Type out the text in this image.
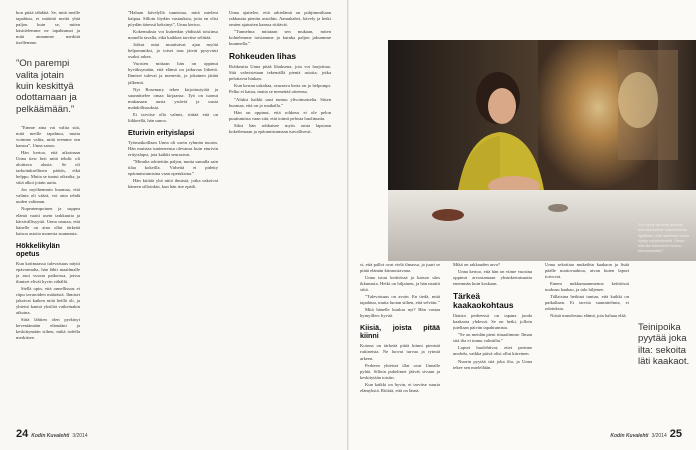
hon pitää tähdätä. Se, mitä meille tapahtuu, ei määritä meitä yhtä paljon kuin se, miten käsittelemme ne tapahtumat ja mitä annamme merkitä itsellemme.

”On parempi valita jotain kuin keskittyä odottamaan ja pelkäämään.”

”Emme aina voi valita sitä, mitä meille tapahtuu, mutta voimme valita, mitä teemme sen kanssa”, Unna sanoo.

Hän kertoo, että aikoinaan Unna tiesi heti mitä tehdä: oli aloittava alusta. Se oli tarkoituksellinen päätös, eikä helppo. Mutta se tuntui oikealta, ja siitä alkoi jotain uutta.

Jos myöhemmin huomaa, että valinta oli väärä, voi aina tehdä uuden valinnan.

Nopeatempoinen ja suppea elämä vaatii usein tarkkuutta ja kärsivällisyyttä. Unna nauraa, että hänelle on aina ollut tärkeää katsoa asioita monesta suunnasta.

Hökkelikylän opetus

Kun kotimaassa tulevaisuus näytti epävarmalta, hän lähti maailmalle ja asui vuosia paikoissa, joissa ihmiset elivät hyvin vähällä.

Siellä opin, että onnellisuus ei riipu tavaroiden määrästä. Ihmiset jakoivat kaiken mitä heillä oli, ja yhteisö kantoi yksilöä vaikeinakin aikoina.

Siitä lähtien olen pyrkinyt keventämään elämääni ja keskittymään siihen, mikä todella merkitsee.

”Haluan kävelyllä tunnistaa, mitä mieleni kaipaa. Silloin löydän vastauksia, joita en olisi pöydän ääressä keksinyt”, Unna kertoo.

Kokemuksia voi kuitenkin yhdistää toisiinsa monella tavalla, eikä kaikkea tarvitse selittää.

Jotkut asiat muuttuivat ajan myötä helpommiksi, ja toiset taas jäivät pysyvästi osaksi arkea.

Vuosien mittaan hän on oppinut hyväksymään, että elämä on jatkuvaa liikettä. Ihmiset tulevat ja menevät, ja jokainen jättää jälkensä.

Nyt Rosemary tekee kirjoitustyötä ja suunnittelee omaa kirjaansa. Työ on tuonut mukanaan uusia ystäviä ja uusia mahdollisuuksia.

Ei tarvitse olla valmis, riittää että on liikkeellä, hän sanoo.

Eturivin erityislapsi

Työmatkoillaan Unna oli usein ryhmän nuorin. Hän muistaa tunteneensa olevansa kuin eturivin erityislapsi, jota kaikki seurasivat.

”Minulta odotettiin paljon, mutta samalla sain tilaa kokeilla. Virheitä ei pidetty epäonnistumisina vaan opetuksina.”

Hän kiittää yhä niitä ihmisiä, jotka uskoivat häneen silloinkin, kun hän itse epäili.

Unna ajattelee, että arkielämä on pohjimmiltaan rakkautta pieniin asioihin. Aamukahvi, kävely ja hetki omien ajatusten kanssa riittävät.

”Tunnelma mitataan sen mukaan, miten kohtelemme toisiamme ja kuinka paljon jaksamme kuunnella.”

Rohkeuden lihas

Rohkeutta Unna pitää lihaksena, jota voi harjoittaa. Sitä vahvistetaan tekemällä pieniä asioita, jotka pelottavat hiukan.

Kun kerran uskaltaa, seuraava kerta on jo helpompi. Pelko ei katoa, mutta se menettää otteensa.

”Aluksi kaikki uusi tuntuu ylivoimaiselta. Sitten huomaa, että on jo matkalla.”

Hän on oppinut, että rohkeus ei ole pelon puuttumista vaan sitä, että toimii pelosta huolimatta.

Siksi hän rohkaisee myös omia lapsiaan kokeilemaan ja epäonnistumaan turvallisesti.

”En tunne tarvetta asettaa tulevaisuudelle suunnitelmia. Ajattelen, että hallinnan tunne löytyy nykyhetkestä. Oman elämän tekeminen tuntuu kiinnostavalta.”

si, että pallot ovat vielä ilmassa, ja juuri se pitää elämän kiinnostavana.

Unna istuu keittiössä ja katsoo ulos ikkunasta. Hetki on hiljainen, ja hän nauttii siitä.

”Tulevaisuus on avoin. En tiedä, mitä tapahtuu, mutta luotan siihen, että selviän.”

Mitä hänelle kuuluu nyt? Hän vastaa hymyillen: hyvää.

Kiisiä, joista pitää kiinni

Kotona on tärkeää pitää kiinni pienistä rutiineista. Ne luovat turvaa ja rytmiä arkeen.

Perheen yhteiset illat ovat Unnalle pyhiä. Silloin puhelimet jäävät sivuun ja keskitytään toisiin.

Kun kaikki on hyvin, ei tarvitse suuria elämyksiä. Riittää, että on läsnä.

Mikä on rakkauden arvo?

Unna kertoo, että hän on viime vuosina oppinut arvostamaan yksinkertaisuutta enemmän kuin koskaan.

Tärkeä kaakaokohtaus

Iltaisin perheessä on tapana juoda kaakaota yhdessä. Se on hetki, jolloin jutellaan päivän tapahtumista.

”Se on meidän pieni rituaalimme. Ilman sitä ilta ei tunnu valmiilta.”

Lapset huolehtivat, ettei perinne unohdu, vaikka päivä olisi ollut kiireinen.

Nuorin pyytää sitä joka ilta, ja Unna tekee sen mielellään.

Unna sekoittaa mukeihin kaakaon ja lisää päälle maitovaahtoa, aivan kuten lapset toivovat.

Ennen nukkumaanmenoa keittiössä tuoksuu kaakao, ja talo hiljenee.

Tällaisina hetkinä tuntuu, että kaikki on paikallaan. Ei tarvita suunnitelmia, ei odotuksia.

Niistä muodostuu elämä, jota haluaa elää.

Teinipoika pyytää joka ilta: sekoita läti kaakaot.
24 Kodin Kuvalehti 3/2014	Kodin Kuvalehti 3/2014 25
